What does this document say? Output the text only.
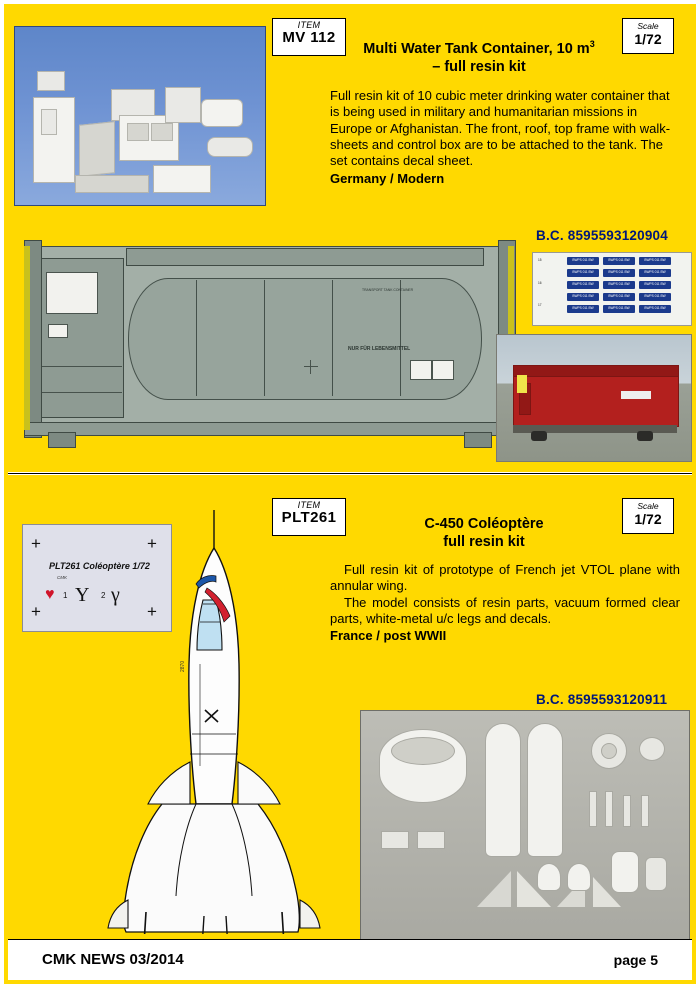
ITEM
MV 112
Scale
1/72
Multi Water Tank Container, 10 $m^3$
– full resin kit
Full resin kit of 10 cubic meter drinking water container that is being used in military and humanitarian missions in Europe or Afghanistan. The front, roof, top frame with walk-sheets and control box are to be attached to the tank. The set contains decal sheet.
Germany / Modern
B.C. 8595593120904
NUR FÜR LEBENSMITTEL
TRANSPORT TANK CONTAINER
15
16
17
BWPS 011 BW	BWPS 011 BW	BWPS 011 BW
BWPS 011 BW	BWPS 011 BW	BWPS 011 BW
BWPS 011 BW	BWPS 011 BW	BWPS 011 BW
BWPS 011 BW	BWPS 011 BW	BWPS 011 BW
BWPS 011 BW	BWPS 011 BW	BWPS 011 BW
+	+
+	+
PLT261 Coléoptère 1/72
CMK
♥ 1 Υ 2 γ
ITEM
PLT261
Scale
1/72
C-450 Coléoptère
full resin kit
Full resin kit of prototype of French jet VTOL plane with annular wing.
The model consists of resin parts, vacuum formed clear parts, white-metal u/c legs and decals.
France / post WWII
B.C. 8595593120911
2870
CMK NEWS 03/2014	page 5
